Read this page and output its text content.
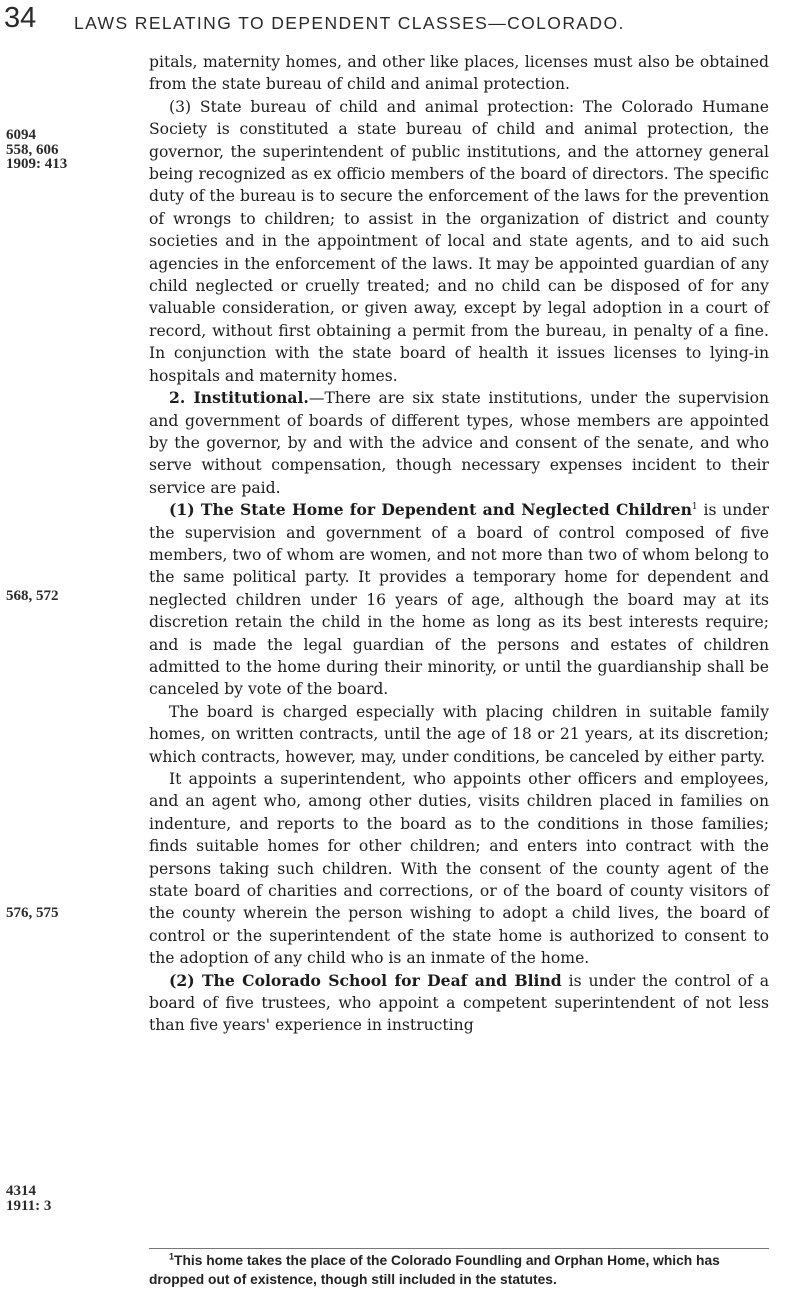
34 LAWS RELATING TO DEPENDENT CLASSES—COLORADO.
6094
558, 606
1909: 413
568, 572
576, 575
4314
1911: 3

pitals, maternity homes, and other like places, licenses must also be obtained from the state bureau of child and animal protection.

(3) State bureau of child and animal protection: The Colorado Humane Society is constituted a state bureau of child and animal protection, the governor, the superintendent of public institutions, and the attorney general being recognized as ex officio members of the board of directors. The specific duty of the bureau is to secure the enforcement of the laws for the prevention of wrongs to children; to assist in the organization of district and county societies and in the appointment of local and state agents, and to aid such agencies in the enforcement of the laws. It may be appointed guardian of any child neglected or cruelly treated; and no child can be disposed of for any valuable consideration, or given away, except by legal adoption in a court of record, without first obtaining a permit from the bureau, in penalty of a fine. In conjunction with the state board of health it issues licenses to lying-in hospitals and maternity homes.

2. Institutional.—There are six state institutions, under the supervision and government of boards of different types, whose members are appointed by the governor, by and with the advice and consent of the senate, and who serve without compensation, though necessary expenses incident to their service are paid.

(1) The State Home for Dependent and Neglected Children$^1$ is under the supervision and government of a board of control composed of five members, two of whom are women, and not more than two of whom belong to the same political party. It provides a temporary home for dependent and neglected children under 16 years of age, although the board may at its discretion retain the child in the home as long as its best interests require; and is made the legal guardian of the persons and estates of children admitted to the home during their minority, or until the guardianship shall be canceled by vote of the board.

The board is charged especially with placing children in suitable family homes, on written contracts, until the age of 18 or 21 years, at its discretion; which contracts, however, may, under conditions, be canceled by either party.

It appoints a superintendent, who appoints other officers and employees, and an agent who, among other duties, visits children placed in families on indenture, and reports to the board as to the conditions in those families; finds suitable homes for other children; and enters into contract with the persons taking such children. With the consent of the county agent of the state board of charities and corrections, or of the board of county visitors of the county wherein the person wishing to adopt a child lives, the board of control or the superintendent of the state home is authorized to consent to the adoption of any child who is an inmate of the home.

(2) The Colorado School for Deaf and Blind is under the control of a board of five trustees, who appoint a competent superintendent of not less than five years' experience in instructing

$^1$This home takes the place of the Colorado Foundling and Orphan Home, which has dropped out of existence, though still included in the statutes.
